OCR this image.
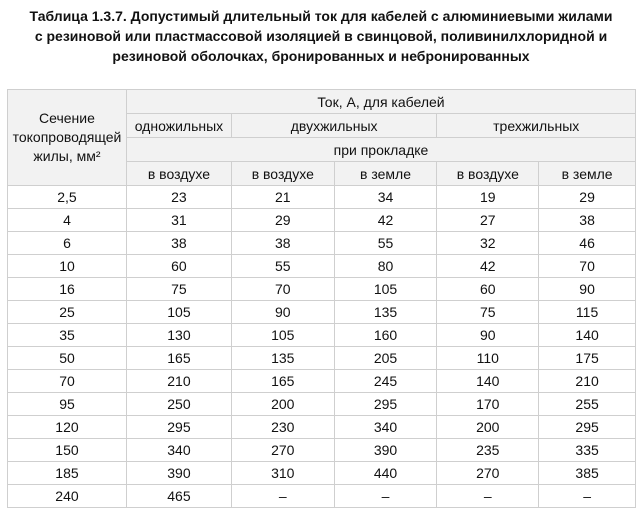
Таблица 1.3.7. Допустимый длительный ток для кабелей с алюминиевыми жилами
с резиновой или пластмассовой изоляцией в свинцовой, поливинилхлоридной и
резиновой оболочках, бронированных и небронированных
Сечение токопроводящей жилы, мм²	Ток, А, для кабелей				
	одножильных	двухжильных		трехжильных	
	при прокладке				
	в воздухе	в воздухе	в земле	в воздухе	в земле
2,5	23	21	34	19	29
4	31	29	42	27	38
6	38	38	55	32	46
10	60	55	80	42	70
16	75	70	105	60	90
25	105	90	135	75	115
35	130	105	160	90	140
50	165	135	205	110	175
70	210	165	245	140	210
95	250	200	295	170	255
120	295	230	340	200	295
150	340	270	390	235	335
185	390	310	440	270	385
240	465	–	–	–	–
